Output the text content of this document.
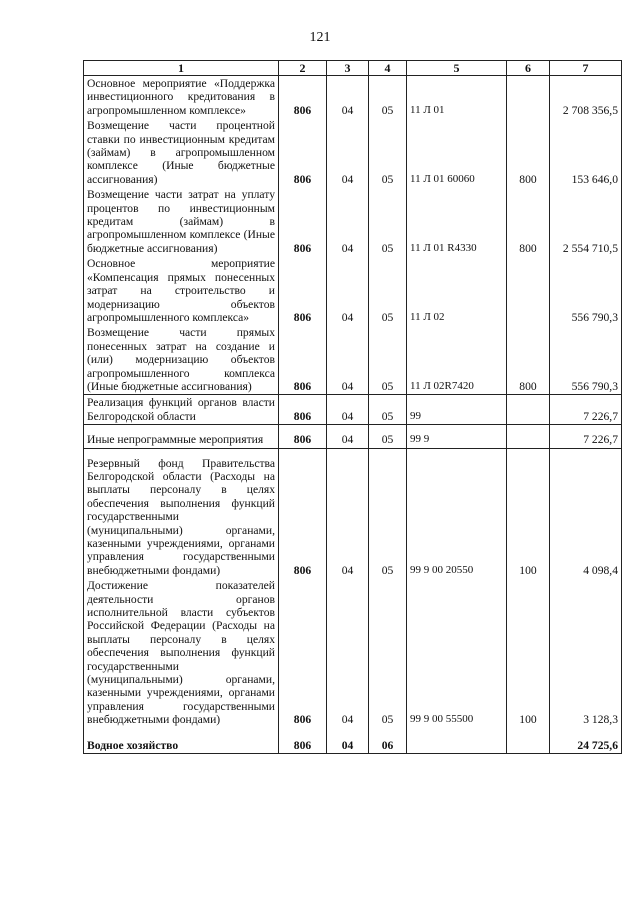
121
1	2	3	4	5	6	7
Основное мероприятие «Поддержка инвестиционного кредитования в агропромышленном комплексе»	806	04	05	11 Л 01		2 708 356,5
Возмещение части процентной ставки по инвестиционным кредитам (займам) в агропромышленном комплексе (Иные бюджетные ассигнования)	806	04	05	11 Л 01 60060	800	153 646,0
Возмещение части затрат на уплату процентов по инвестиционным кредитам (займам) в агропромышленном комплексе (Иные бюджетные ассигнования)	806	04	05	11 Л 01 R4330	800	2 554 710,5
Основное мероприятие «Компенсация прямых понесенных затрат на строительство и модернизацию объектов агропромышленного комплекса»	806	04	05	11 Л 02		556 790,3
Возмещение части прямых понесенных затрат на создание и (или) модернизацию объектов агропромышленного комплекса (Иные бюджетные ассигнования)	806	04	05	11 Л 02R7420	800	556 790,3
Реализация функций органов власти Белгородской области	806	04	05	99		7 226,7
Иные непрограммные мероприятия	806	04	05	99 9		7 226,7
Резервный фонд Правительства Белгородской области (Расходы на выплаты персоналу в целях обеспечения выполнения функций государственными (муниципальными) органами, казенными учреждениями, органами управления государственными внебюджетными фондами)	806	04	05	99 9 00 20550	100	4 098,4
Достижение показателей деятельности органов исполнительной власти субъектов Российской Федерации (Расходы на выплаты персоналу в целях обеспечения выполнения функций государственными (муниципальными) органами, казенными учреждениями, органами управления государственными внебюджетными фондами)	806	04	05	99 9 00 55500	100	3 128,3

Водное хозяйство	806	04	06			24 725,6
